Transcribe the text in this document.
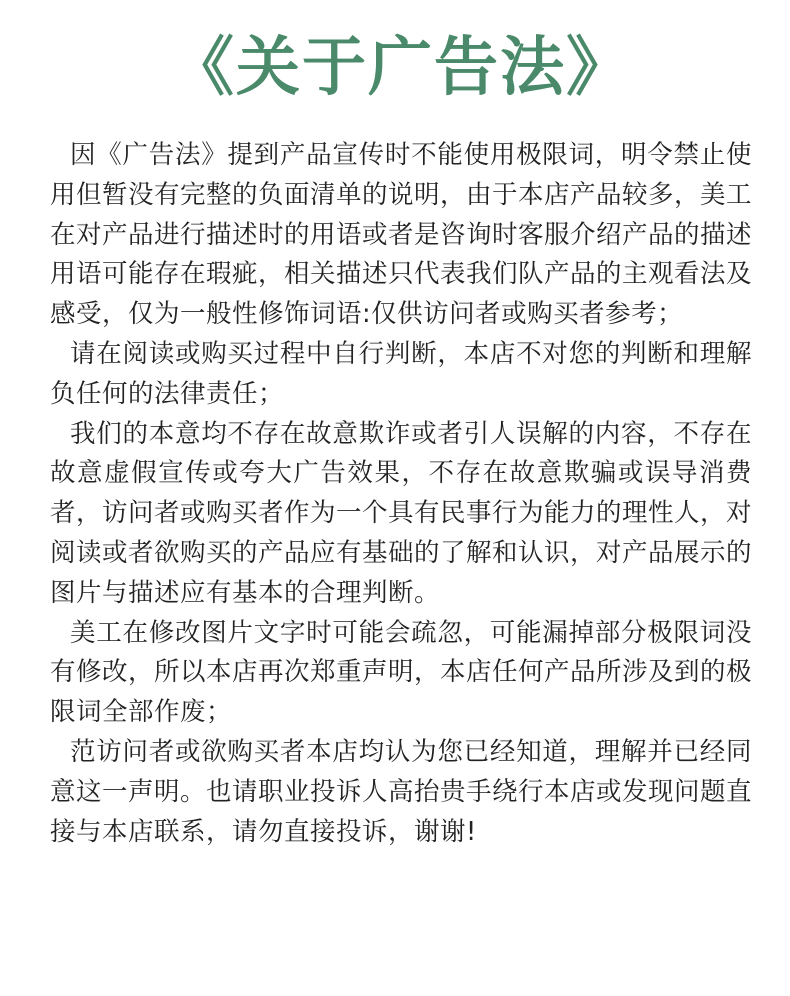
《关于广告法》

因《广告法》提到产品宣传时不能使用极限词，明令禁止使用但暂没有完整的负面清单的说明，由于本店产品较多，美工在对产品进行描述时的用语或者是咨询时客服介绍产品的描述用语可能存在瑕疵，相关描述只代表我们队产品的主观看法及感受，仅为一般性修饰词语:仅供访问者或购买者参考；

请在阅读或购买过程中自行判断，本店不对您的判断和理解负任何的法律责任；

我们的本意均不存在故意欺诈或者引人误解的内容，不存在故意虚假宣传或夸大广告效果，不存在故意欺骗或误导消费者，访问者或购买者作为一个具有民事行为能力的理性人，对阅读或者欲购买的产品应有基础的了解和认识，对产品展示的图片与描述应有基本的合理判断。

美工在修改图片文字时可能会疏忽，可能漏掉部分极限词没有修改，所以本店再次郑重声明，本店任何产品所涉及到的极限词全部作废；

范访问者或欲购买者本店均认为您已经知道，理解并已经同意这一声明。也请职业投诉人高抬贵手绕行本店或发现问题直接与本店联系，请勿直接投诉，谢谢!
